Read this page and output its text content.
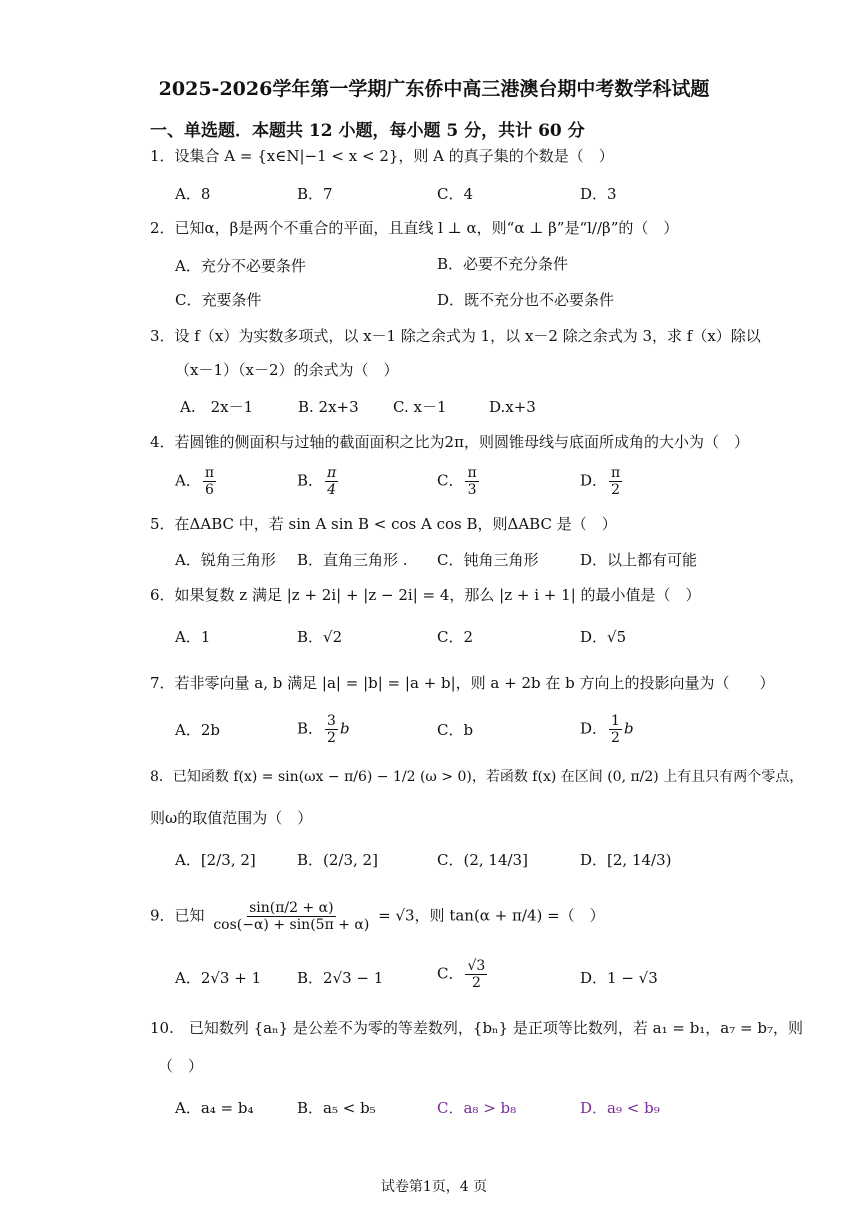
2025-2026学年第一学期广东侨中高三港澳台期中考数学科试题
一、单选题．本题共 12 小题，每小题 5 分，共计 60 分
1．设集合 A = {x∈N|−1 < x < 2}，则 A 的真子集的个数是（　）
A．8	B．7	C．4	D．3
2．已知α，β是两个不重合的平面，且直线 l ⊥ α，则“α ⊥ β”是“l//β”的（　）
A．充分不必要条件	B．必要不充分条件
C．充要条件	D．既不充分也不必要条件
3．设 f（x）为实数多项式，以 x－1 除之余式为 1，以 x－2 除之余式为 3，求 f（x）除以
（x－1）（x－2）的余式为（　）
A.　2x－1	B. 2x+3 C. x－1	D.x+3
4．若圆锥的侧面积与过轴的截面面积之比为2π，则圆锥母线与底面所成角的大小为（　）
A． $\frac{\pi}{6}$	B． $\frac{\pi}{4}$	C． $\frac{\pi}{3}$	D． $\frac{\pi}{2}$
5．在ΔABC 中，若 sin A sin B < cos A cos B，则ΔABC 是（　）
A．锐角三角形 B．直角三角形 . C．钝角三角形	D．以上都有可能
6．如果复数 z 满足 |z + 2i| + |z − 2i| = 4，那么 |z + i + 1| 的最小值是（　）
A．1	B．√2	C．2	D．√5
7．若非零向量 a, b 满足 |a| = |b| = |a + b|，则 a + 2b 在 b 方向上的投影向量为（　　）
A．2b	B． $\frac{3}{2}$ b	C．b	D． $\frac{1}{2}$ b
8．已知函数 f(x) = sin(ωx − π/6) − 1/2 (ω > 0)，若函数 f(x) 在区间 (0, π/2) 上有且只有两个零点，
则ω的取值范围为（　）
A．[2/3, 2]	B．(2/3, 2]	C．(2, 14/3]	D．[2, 14/3)
9．已知 $\frac{\sin(\pi/2 + \alpha)}{\cos(-\alpha) + \sin(5\pi + \alpha)} = √3$，则 tan(α + π/4) =（　）
A．2√3 + 1 B．2√3 − 1	C． $\frac{√3}{2}$	D．1 − √3
10.　已知数列 {aₙ} 是公差不为零的等差数列，{bₙ} 是正项等比数列，若 a₁ = b₁，a₇ = b₇，则
（　）
A．a₄ = b₄	B．a₅ < b₅	C．a₈ > b₈	D．a₉ < b₉
试卷第1页，4 页
